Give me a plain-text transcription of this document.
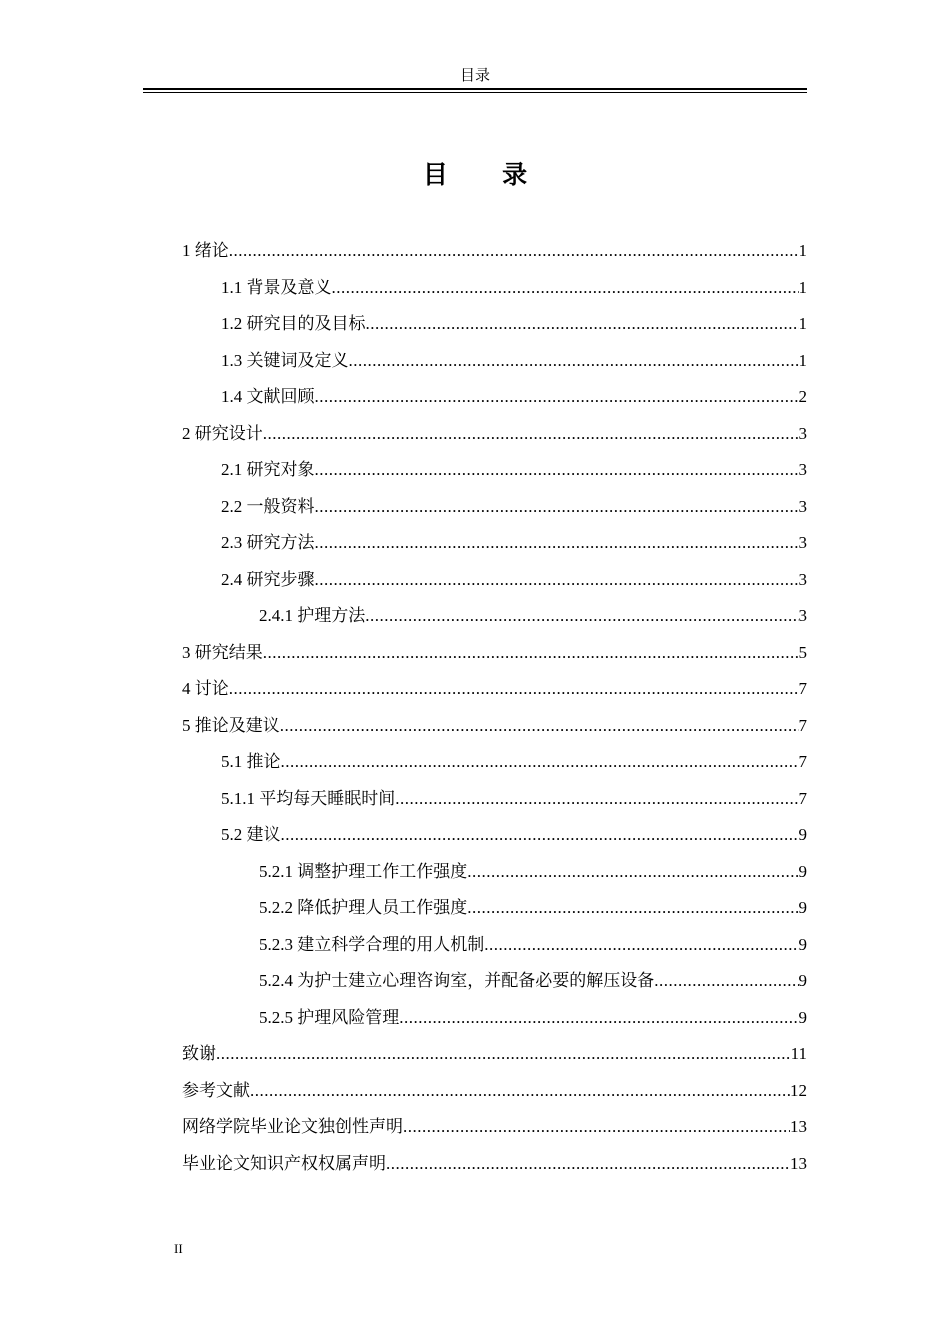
目录
目 录
1 绪论 .....	1
1.1 背景及意义 .....	1
1.2 研究目的及目标 .....	1
1.3 关键词及定义 .....	1
1.4 文献回顾 .....	2
2 研究设计 .....	3
2.1 研究对象 .....	3
2.2 一般资料 .....	3
2.3 研究方法 .....	3
2.4 研究步骤 .....	3
2.4.1 护理方法 .....	3
3 研究结果 .....	5
4 讨论 .....	7
5 推论及建议 .....	7
5.1 推论 .....	7
5.1.1 平均每天睡眠时间 .....	7
5.2 建议 .....	9
5.2.1 调整护理工作工作强度 .....	9
5.2.2 降低护理人员工作强度 .....	9
5.2.3 建立科学合理的用人机制 .....	9
5.2.4 为护士建立心理咨询室，并配备必要的解压设备 .....	9
5.2.5 护理风险管理 .....	9
致谢 .....	11
参考文献 .....	12
网络学院毕业论文独创性声明 .....	13
毕业论文知识产权权属声明 .....	13
II
